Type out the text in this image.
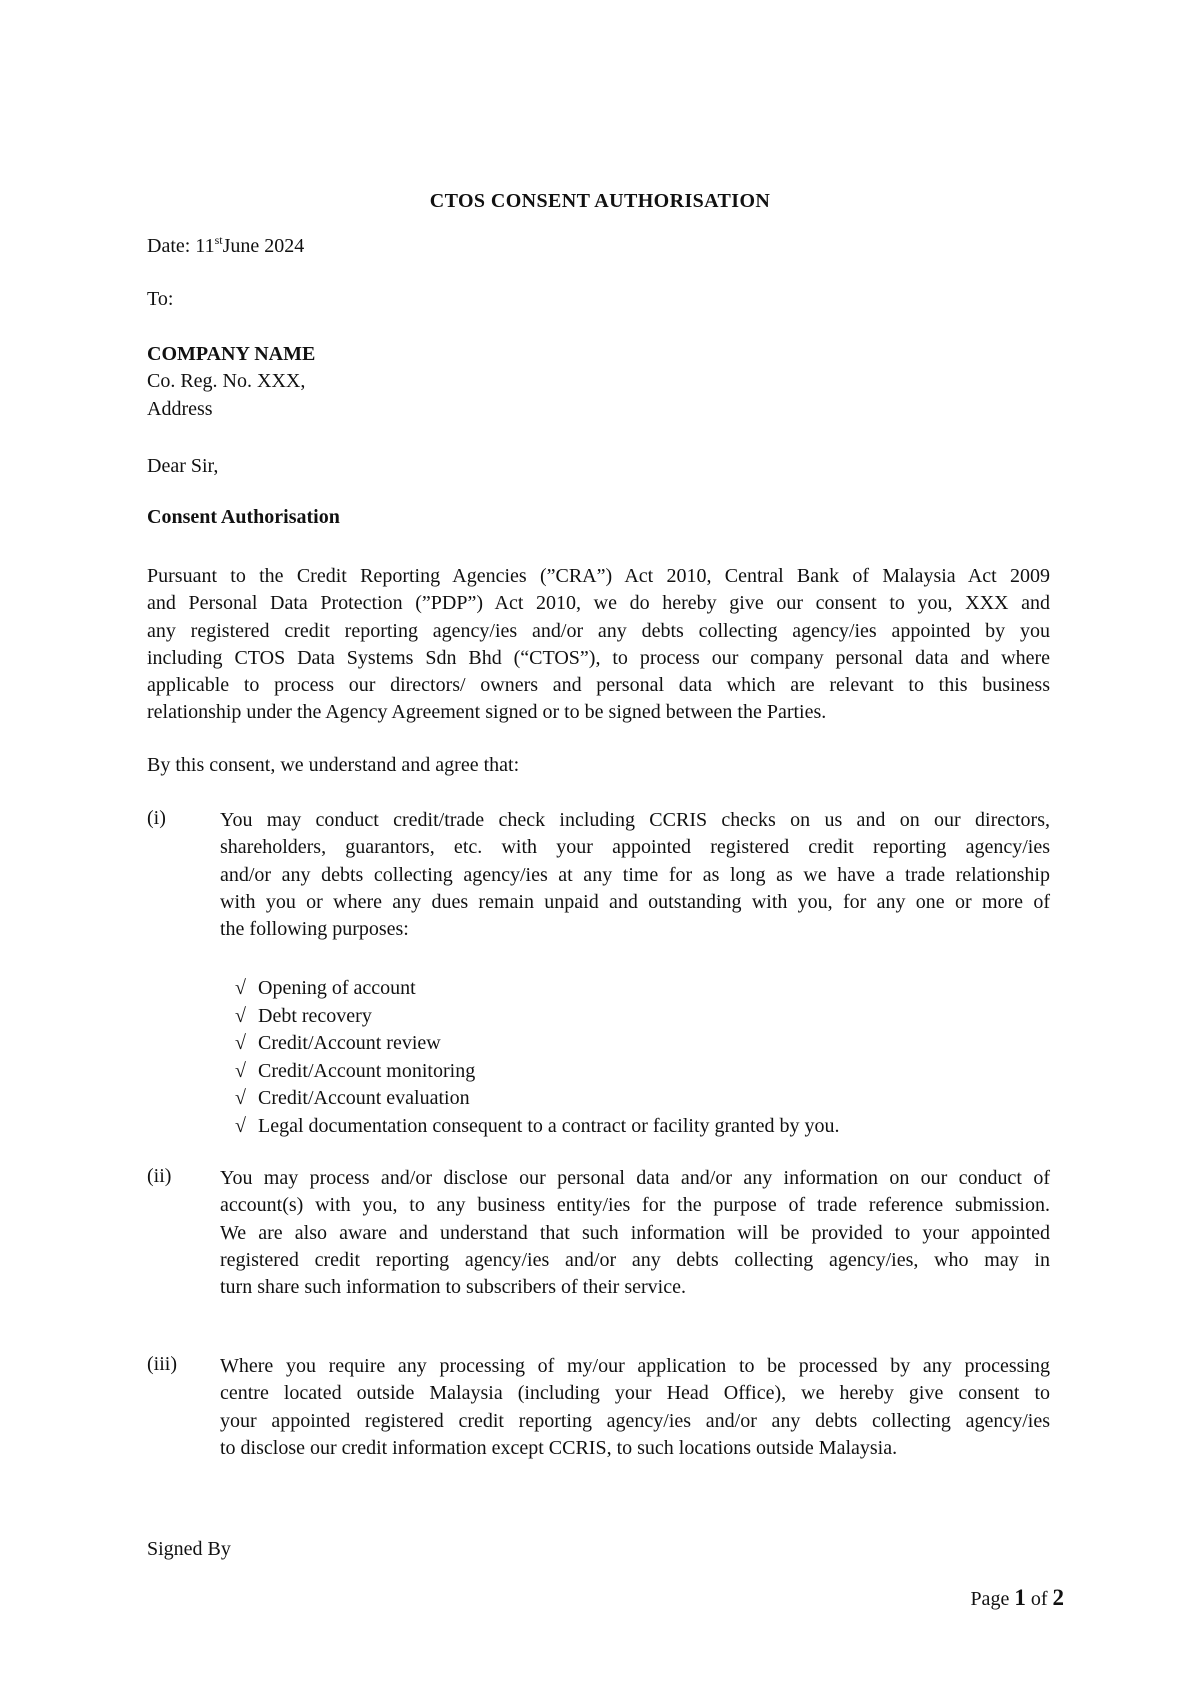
CTOS CONSENT AUTHORISATION
Date: 11stJune 2024
To:
COMPANY NAME
Co. Reg. No. XXX,
Address
Dear Sir,
Consent Authorisation
Pursuant to the Credit Reporting Agencies (”CRA”) Act 2010, Central Bank of Malaysia Act 2009
and Personal Data Protection (”PDP”) Act 2010, we do hereby give our consent to you, XXX and
any registered credit reporting agency/ies and/or any debts collecting agency/ies appointed by you
including CTOS Data Systems Sdn Bhd (“CTOS”), to process our company personal data and where
applicable to process our directors/ owners and personal data which are relevant to this business
relationship under the Agency Agreement signed or to be signed between the Parties.
By this consent, we understand and agree that:
(i)	You may conduct credit/trade check including CCRIS checks on us and on our directors,
shareholders, guarantors, etc. with your appointed registered credit reporting agency/ies
and/or any debts collecting agency/ies at any time for as long as we have a trade relationship
with you or where any dues remain unpaid and outstanding with you, for any one or more of
the following purposes:
√ Opening of account
√ Debt recovery
√ Credit/Account review
√ Credit/Account monitoring
√ Credit/Account evaluation
√ Legal documentation consequent to a contract or facility granted by you.
(ii) You may process and/or disclose our personal data and/or any information on our conduct of
account(s) with you, to any business entity/ies for the purpose of trade reference submission.
We are also aware and understand that such information will be provided to your appointed
registered credit reporting agency/ies and/or any debts collecting agency/ies, who may in
turn share such information to subscribers of their service.
(iii) Where you require any processing of my/our application to be processed by any processing
centre located outside Malaysia (including your Head Office), we hereby give consent to
your appointed registered credit reporting agency/ies and/or any debts collecting agency/ies
to disclose our credit information except CCRIS, to such locations outside Malaysia.
Signed By
Page 1 of 2
